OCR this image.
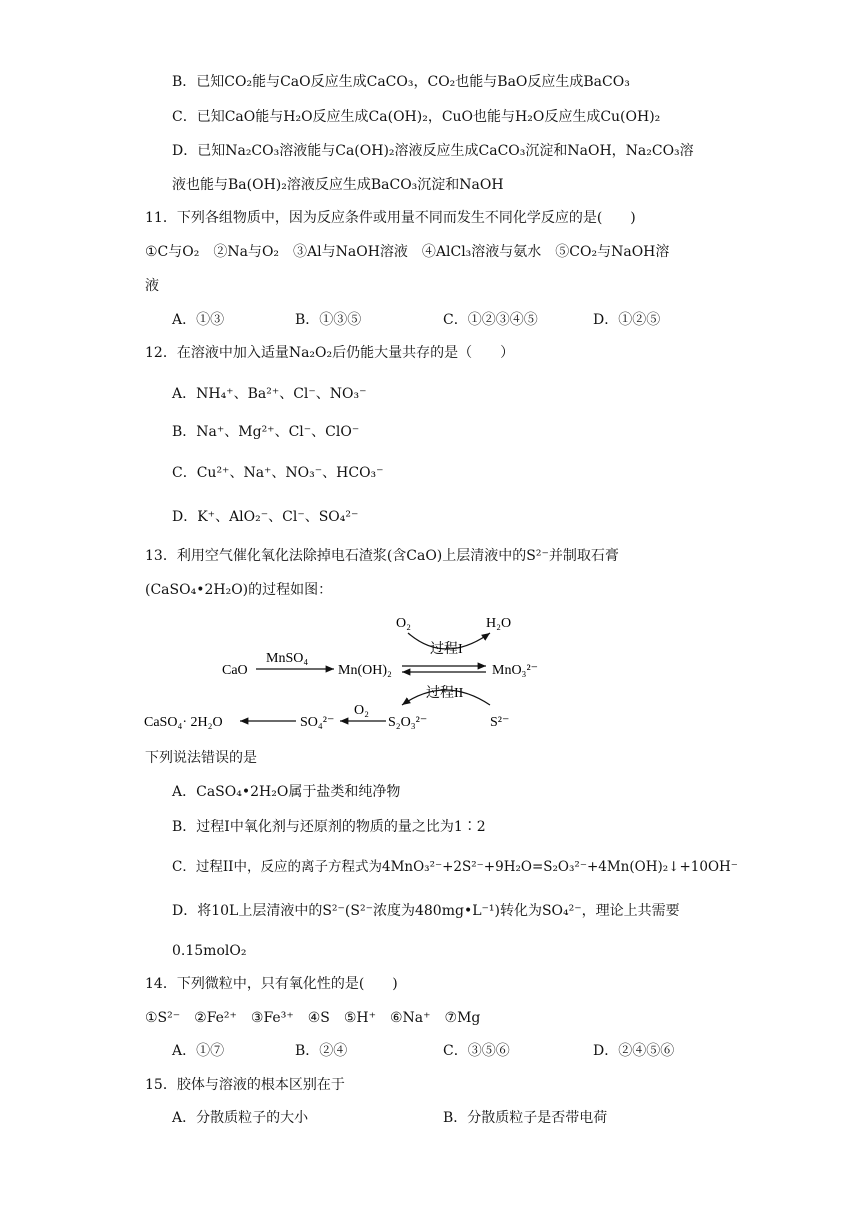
B．已知CO₂能与CaO反应生成CaCO₃，CO₂也能与BaO反应生成BaCO₃
C．已知CaO能与H₂O反应生成Ca(OH)₂，CuO也能与H₂O反应生成Cu(OH)₂
D．已知Na₂CO₃溶液能与Ca(OH)₂溶液反应生成CaCO₃沉淀和NaOH，Na₂CO₃溶
液也能与Ba(OH)₂溶液反应生成BaCO₃沉淀和NaOH
11．下列各组物质中，因为反应条件或用量不同而发生不同化学反应的是(　　)
①C与O₂　②Na与O₂　③Al与NaOH溶液　④AlCl₃溶液与氨水　⑤CO₂与NaOH溶
液
A．①③	B．①③⑤	C．①②③④⑤	D．①②⑤
12．在溶液中加入适量Na₂O₂后仍能大量共存的是（　　）
A．NH₄⁺、Ba²⁺、Cl⁻、NO₃⁻
B．Na⁺、Mg²⁺、Cl⁻、ClO⁻
C．Cu²⁺、Na⁺、NO₃⁻、HCO₃⁻
D．K⁺、AlO₂⁻、Cl⁻、SO₄²⁻
13．利用空气催化氧化法除掉电石渣浆(含CaO)上层清液中的S²⁻并制取石膏
(CaSO₄•2H₂O)的过程如图：
CaO
MnSO₄
Mn(OH)₂	MnO₃²⁻
O₂	H₂O
过程I
过程II
S²⁻
S₂O₃²⁻
O₂
SO₄²⁻
CaSO₄· 2H₂O
下列说法错误的是
A．CaSO₄•2H₂O属于盐类和纯净物
B．过程I中氧化剂与还原剂的物质的量之比为1∶2
C．过程II中，反应的离子方程式为4MnO₃²⁻+2S²⁻+9H₂O=S₂O₃²⁻+4Mn(OH)₂↓+10OH⁻
D．将10L上层清液中的S²⁻(S²⁻浓度为480mg•L⁻¹)转化为SO₄²⁻，理论上共需要
0.15molO₂
14．下列微粒中，只有氧化性的是(　　)
①S²⁻　②Fe²⁺　③Fe³⁺　④S　⑤H⁺　⑥Na⁺　⑦Mg
A．①⑦	B．②④	C．③⑤⑥	D．②④⑤⑥
15．胶体与溶液的根本区别在于
A．分散质粒子的大小	B．分散质粒子是否带电荷
